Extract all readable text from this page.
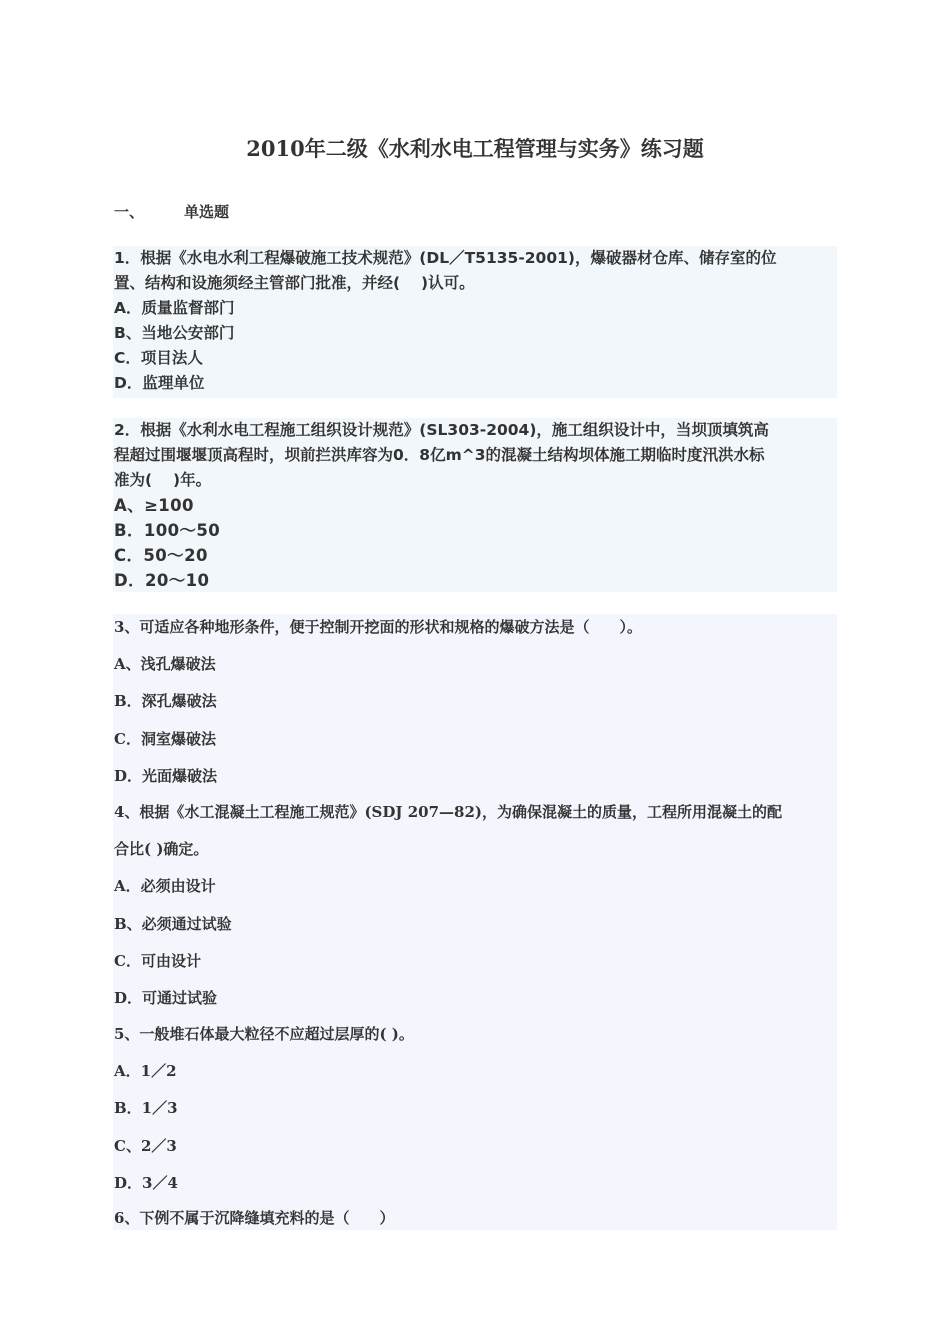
2010年二级《水利水电工程管理与实务》练习题
一、	单选题
1．根据《水电水利工程爆破施工技术规范》(DL／T5135-2001)，爆破器材仓库、储存室的位
置、结构和设施须经主管部门批准，并经(　 )认可。
A．质量监督部门
B、当地公安部门
C．项目法人
D．监理单位
2．根据《水利水电工程施工组织设计规范》(SL303-2004)，施工组织设计中，当坝顶填筑高
程超过围堰堰顶高程时，坝前拦洪库容为0．8亿m^3的混凝土结构坝体施工期临时度汛洪水标
准为(　 )年。
A、≥100
B．100～50
C．50～20
D．20～10
3、可适应各种地形条件，便于控制开挖面的形状和规格的爆破方法是（　　）。
A、浅孔爆破法
B．深孔爆破法
C．洞室爆破法
D．光面爆破法
4、根据《水工混凝土工程施工规范》(SDJ 207—82)，为确保混凝土的质量，工程所用混凝土的配
合比( )确定。
A．必须由设计
B、必须通过试验
C．可由设计
D．可通过试验
5、一般堆石体最大粒径不应超过层厚的( )。
A．1／2
B．1／3
C、2／3
D．3／4
6、下例不属于沉降缝填充料的是（　　）
